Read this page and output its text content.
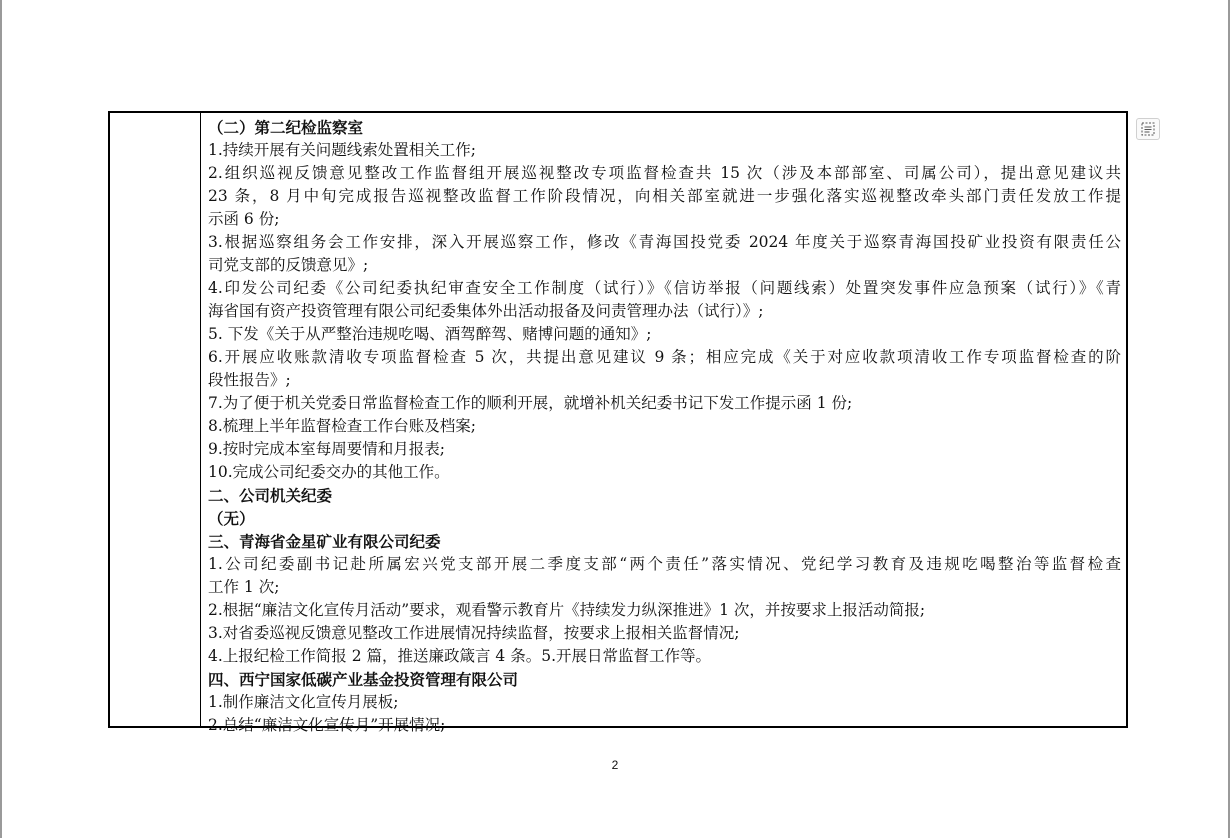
（二）第二纪检监察室
1.持续开展有关问题线索处置相关工作;
2.组织巡视反馈意见整改工作监督组开展巡视整改专项监督检查共 15 次（涉及本部部室、司属公司），提出意见建议共
23 条，8 月中旬完成报告巡视整改监督工作阶段情况，向相关部室就进一步强化落实巡视整改牵头部门责任发放工作提
示函 6 份;
3.根据巡察组务会工作安排，深入开展巡察工作，修改《青海国投党委 2024 年度关于巡察青海国投矿业投资有限责任公
司党支部的反馈意见》;
4.印发公司纪委《公司纪委执纪审查安全工作制度（试行）》《信访举报（问题线索）处置突发事件应急预案（试行）》《青
海省国有资产投资管理有限公司纪委集体外出活动报备及问责管理办法（试行）》;
5. 下发《关于从严整治违规吃喝、酒驾醉驾、赌博问题的通知》;
6.开展应收账款清收专项监督检查 5 次，共提出意见建议 9 条；相应完成《关于对应收款项清收工作专项监督检查的阶
段性报告》;
7.为了便于机关党委日常监督检查工作的顺利开展，就增补机关纪委书记下发工作提示函 1 份;
8.梳理上半年监督检查工作台账及档案;
9.按时完成本室每周要情和月报表;
10.完成公司纪委交办的其他工作。
二、公司机关纪委
（无）
三、青海省金星矿业有限公司纪委
1.公司纪委副书记赴所属宏兴党支部开展二季度支部“两个责任”落实情况、党纪学习教育及违规吃喝整治等监督检查
工作 1 次;
2.根据“廉洁文化宣传月活动”要求，观看警示教育片《持续发力纵深推进》1 次，并按要求上报活动简报;
3.对省委巡视反馈意见整改工作进展情况持续监督，按要求上报相关监督情况;
4.上报纪检工作简报 2 篇，推送廉政箴言 4 条。5.开展日常监督工作等。
四、西宁国家低碳产业基金投资管理有限公司
1.制作廉洁文化宣传月展板;
2.总结“廉洁文化宣传月”开展情况;
2
